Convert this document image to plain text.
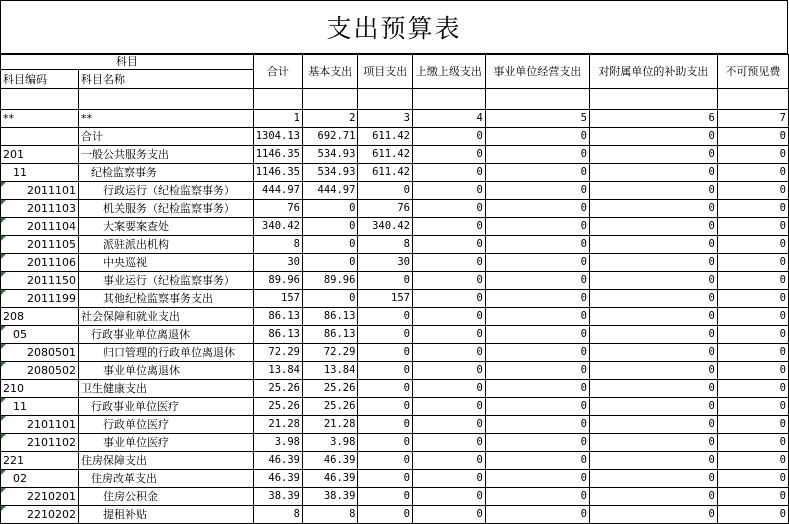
支出预算表
科目		合计	基本支出	项目支出	上缴上级支出	事业单位经营支出	对附属单位的补助支出	不可预见费
科目编码	科目名称							

**	**	1	2	3	4	5	6	7
	合计	1304.13	692.71	611.42	0	0	0	0
201	一般公共服务支出	1146.35	534.93	611.42	0	0	0	0
11	纪检监察事务	1146.35	534.93	611.42	0	0	0	0

2011101	行政运行（纪检监察事务）	444.97	444.97	0	0	0	0	0

2011103	机关服务（纪检监察事务）	76	0	76	0	0	0	0

2011104	大案要案查处	340.42	0	340.42	0	0	0	0

2011105	派驻派出机构	8	0	8	0	0	0	0

2011106	中央巡视	30	0	30	0	0	0	0

2011150	事业运行（纪检监察事务）	89.96	89.96	0	0	0	0	0

2011199	其他纪检监察事务支出	157	0	157	0	0	0	0
208	社会保障和就业支出	86.13	86.13	0	0	0	0	0

05	行政事业单位离退休	86.13	86.13	0	0	0	0	0

2080501	归口管理的行政单位离退休	72.29	72.29	0	0	0	0	0

2080502	事业单位离退休	13.84	13.84	0	0	0	0	0
210	卫生健康支出	25.26	25.26	0	0	0	0	0

11	行政事业单位医疗	25.26	25.26	0	0	0	0	0

2101101	行政单位医疗	21.28	21.28	0	0	0	0	0

2101102	事业单位医疗	3.98	3.98	0	0	0	0	0
221	住房保障支出	46.39	46.39	0	0	0	0	0

02	住房改革支出	46.39	46.39	0	0	0	0	0

2210201	住房公积金	38.39	38.39	0	0	0	0	0

2210202	提租补贴	8	8	0	0	0	0	0
